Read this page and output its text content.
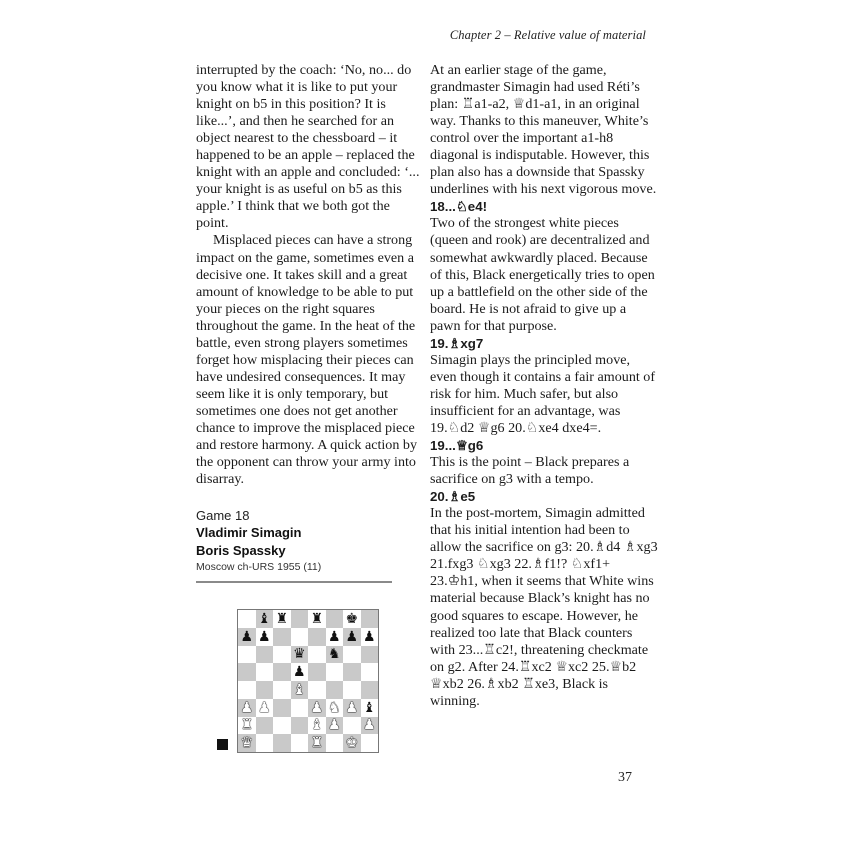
Chapter 2 – Relative value of material

interrupted by the coach: ‘No, no... do you know what it is like to put your knight on b5 in this position? It is like...’, and then he searched for an object nearest to the chessboard – it happened to be an apple – replaced the knight with an apple and concluded: ‘... your knight is as useful on b5 as this apple.’ I think that we both got the point.

Misplaced pieces can have a strong impact on the game, sometimes even a decisive one. It takes skill and a great amount of knowledge to be able to put your pieces on the right squares throughout the game. In the heat of the battle, even strong players sometimes forget how misplacing their pieces can have undesired consequences. It may seem like it is only temporary, but sometimes one does not get another chance to improve the misplaced piece and restore harmony. A quick action by the opponent can throw your army into disarray.

Game 18
Vladimir Simagin
Boris Spassky
Moscow ch-URS 1955 (11)
♝ ♜ ♜ ♚
♟ ♟	♟ ♟ ♟
♛ ♞
♟
♝
♟ ♟	♟ ♞ ♟ ♝
♜	♝ ♟ ♟
♛	♜ ♚

At an earlier stage of the game, grandmaster Simagin had used Réti’s plan: ♖a1-a2, ♕d1-a1, in an original way. Thanks to this maneuver, White’s control over the important a1-h8 diagonal is indisputable. However, this plan also has a downside that Spassky underlines with his next vigorous move.

18...♘e4!

Two of the strongest white pieces (queen and rook) are decentralized and somewhat awkwardly placed. Because of this, Black energetically tries to open up a battlefield on the other side of the board. He is not afraid to give up a pawn for that purpose.

19.♗xg7

Simagin plays the principled move, even though it contains a fair amount of risk for him. Much safer, but also insufficient for an advantage, was 19.♘d2 ♕g6 20.♘xe4 dxe4=.

19...♕g6

This is the point – Black prepares a sacrifice on g3 with a tempo.

20.♗e5

In the post-mortem, Simagin admitted that his initial intention had been to allow the sacrifice on g3: 20.♗d4 ♗xg3 21.fxg3 ♘xg3 22.♗f1!? ♘xf1+ 23.♔h1, when it seems that White wins material because Black’s knight has no good squares to escape. However, he realized too late that Black counters with 23...♖c2!, threatening checkmate on g2. After 24.♖xc2 ♕xc2 25.♕b2 ♕xb2 26.♗xb2 ♖xe3, Black is winning.

37
